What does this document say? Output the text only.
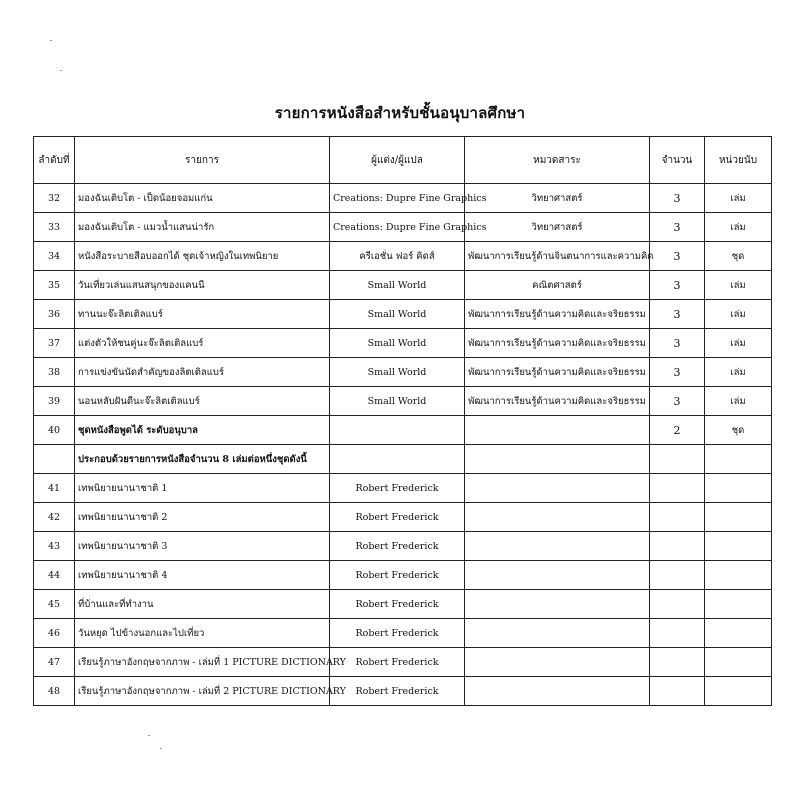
รายการหนังสือสำหรับชั้นอนุบาลศึกษา
ลำดับที่	รายการ	ผู้แต่ง/ผู้แปล	หมวดสาระ	จำนวน	หน่วยนับ
32	มองฉันเติบโต - เป็ดน้อยจอมแก่น	Creations: Dupre Fine Graphics	วิทยาศาสตร์	3	เล่ม
33	มองฉันเติบโต - แมวน้ำแสนน่ารัก	Creations: Dupre Fine Graphics	วิทยาศาสตร์	3	เล่ม
34	หนังสือระบายสีอบออกได้ ชุดเจ้าหญิงในเทพนิยาย	ครีเอชั่น ฟอร์ คิดส์	พัฒนาการเรียนรู้ด้านจินตนาการและความคิด	3	ชุด
35	วันเที่ยวเล่นแสนสนุกของแคนนี	Small World	คณิตศาสตร์	3	เล่ม
36	ทานนะจ๊ะลิตเติลแบร์	Small World	พัฒนาการเรียนรู้ด้านความคิดและจริยธรรม	3	เล่ม
37	แต่งตัวให้ชนคู่นะจ๊ะลิตเติลแบร์	Small World	พัฒนาการเรียนรู้ด้านความคิดและจริยธรรม	3	เล่ม
38	การแข่งขันนัดสำคัญของลิตเติลแบร์	Small World	พัฒนาการเรียนรู้ด้านความคิดและจริยธรรม	3	เล่ม
39	นอนหลับฝันดีนะจ๊ะลิตเติลแบร์	Small World	พัฒนาการเรียนรู้ด้านความคิดและจริยธรรม	3	เล่ม
40	ชุดหนังสือพูดได้ ระดับอนุบาล			2	ชุด
	ประกอบด้วยรายการหนังสือจำนวน 8 เล่มต่อหนึ่งชุดดังนี้				
41	เทพนิยายนานาชาติ 1	Robert Frederick			
42	เทพนิยายนานาชาติ 2	Robert Frederick			
43	เทพนิยายนานาชาติ 3	Robert Frederick			
44	เทพนิยายนานาชาติ 4	Robert Frederick			
45	ที่บ้านและที่ทำงาน	Robert Frederick			
46	วันหยุด ไปข้างนอกและไปเที่ยว	Robert Frederick			
47	เรียนรู้ภาษาอังกฤษจากภาพ - เล่มที่ 1 PICTURE DICTIONARY	Robert Frederick			
48	เรียนรู้ภาษาอังกฤษจากภาพ - เล่มที่ 2 PICTURE DICTIONARY	Robert Frederick			
